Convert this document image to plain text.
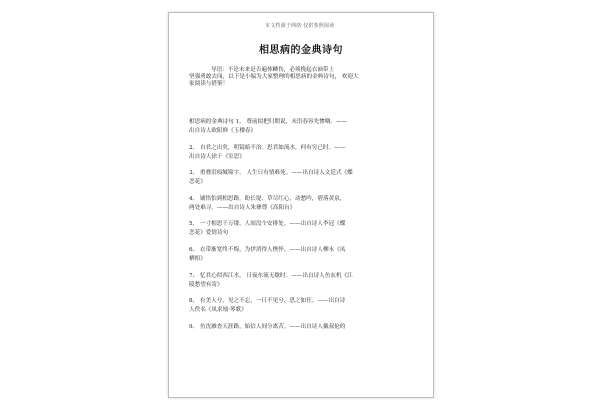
本文档源于网络 仅供参照阅读
相思病的金典诗句
导语：不论未来是否遍体鳞伤，必须挽起衣袖带上
坚强勇敢去闯，以下是小编为大家整理的相思病的金典诗句， 欢迎大
家阅读与借鉴！
相思病的金典诗句 1、 尊前拟把归期说，未语春容先惨咽。——
出自诗人欧阳修《玉楼春》
2、 自君之出矣，明镜暗不治。思君如流水，何有穷已时。——
出自诗人徐干《室思》
3、 重叠泪痕缄锦字， 人生只有情难死。——出自诗人文廷式《蝶
恋花》
4、 铺悟怕到相思路，盼长堤、草尽红心，动愁吟，碧落黄泉，
两处难寻。——出自诗人朱彝尊《高阳台》
5、 一寸相思千万缕，人间没个安排处。——出自诗人李冠《蝶
恋花》爱情诗句
6、 衣带渐宽终不悔，为伊消得人憔悴。——出自诗人柳永《凤
栖梧》
7、 忆君心似西江水， 日夜东流无歇时。——出自诗人鱼玄机《江
陵愁望有寄》
8、 有美人兮，见之不忘，一日不见兮，思之如狂。——出自诗
人佚名《凤求凰·琴歌》
9、 鱼沈雁杳天涯路，始信人间分离苦。——出自诗人戴叔伦的
